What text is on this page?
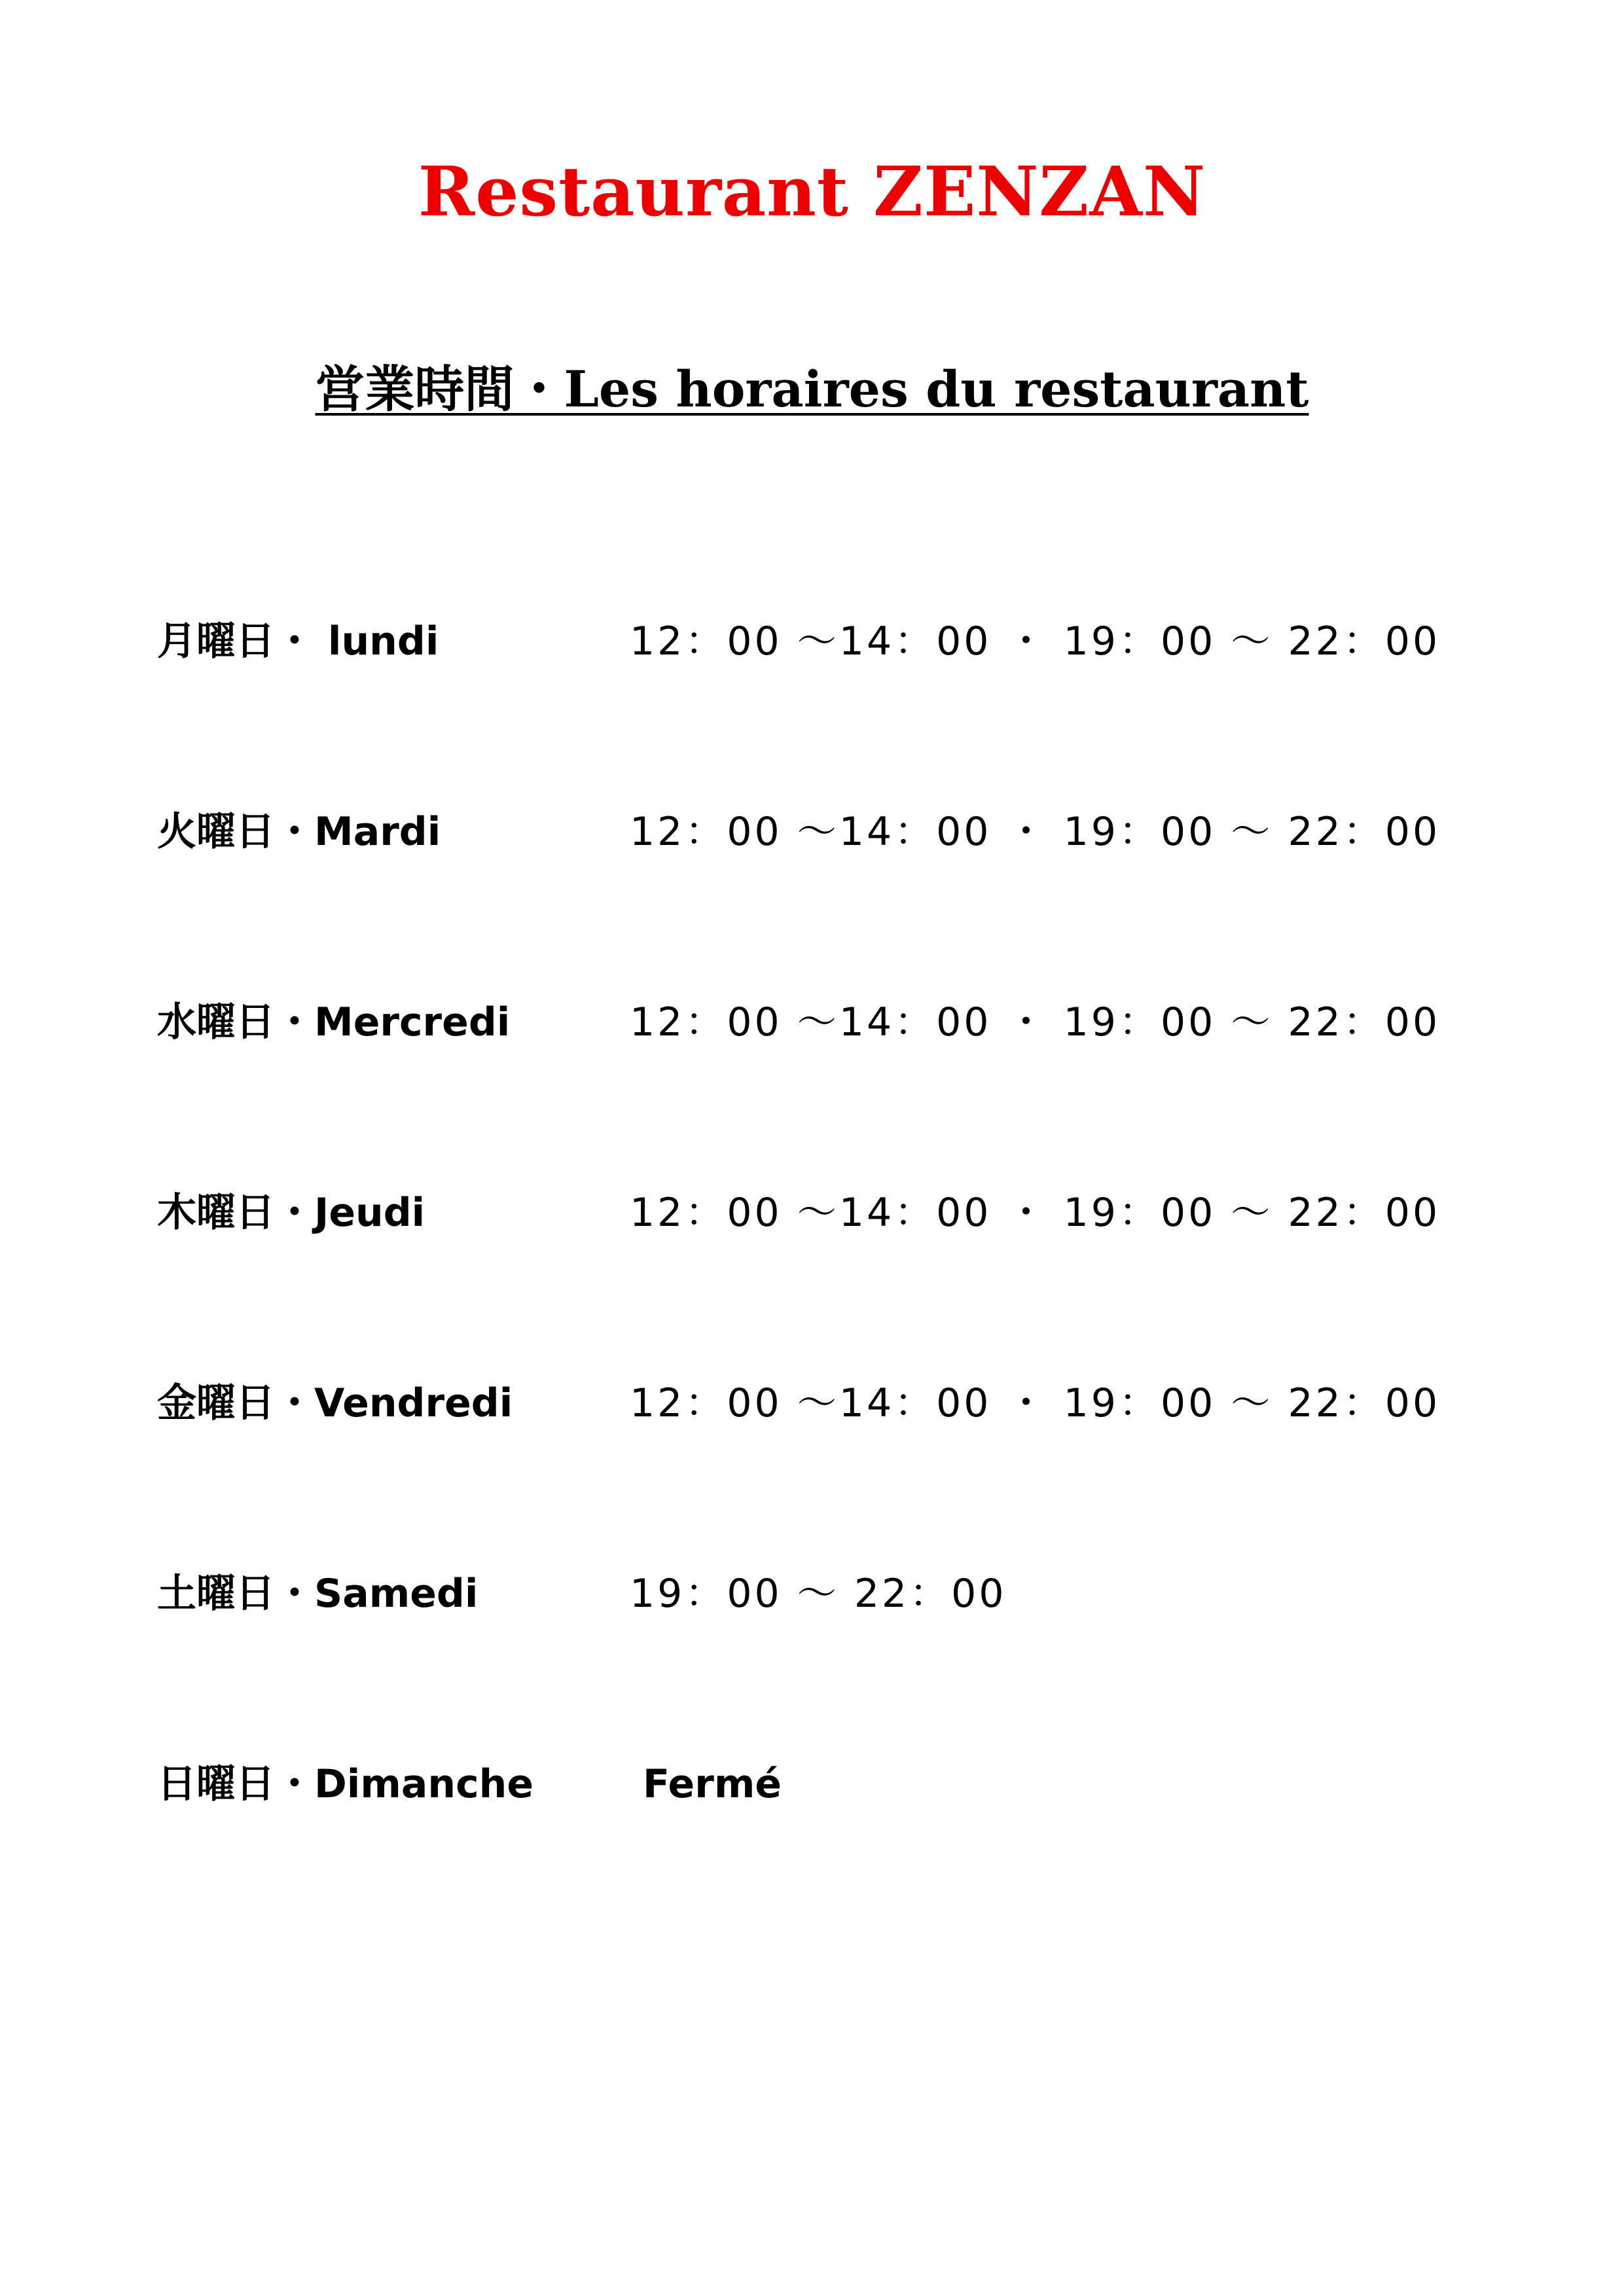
Restaurant ZENZAN
営業時間・Les horaires du restaurant
月曜日・ lundi	12：00 〜14：00 ・ 19：00 〜 22：00
火曜日・Mardi	12：00 〜14：00 ・ 19：00 〜 22：00
水曜日・Mercredi	12：00 〜14：00 ・ 19：00 〜 22：00
木曜日・Jeudi	12：00 〜14：00 ・ 19：00 〜 22：00
金曜日・Vendredi	12：00 〜14：00 ・ 19：00 〜 22：00
土曜日・Samedi	19：00 〜 22：00
日曜日・Dimanche	Fermé
